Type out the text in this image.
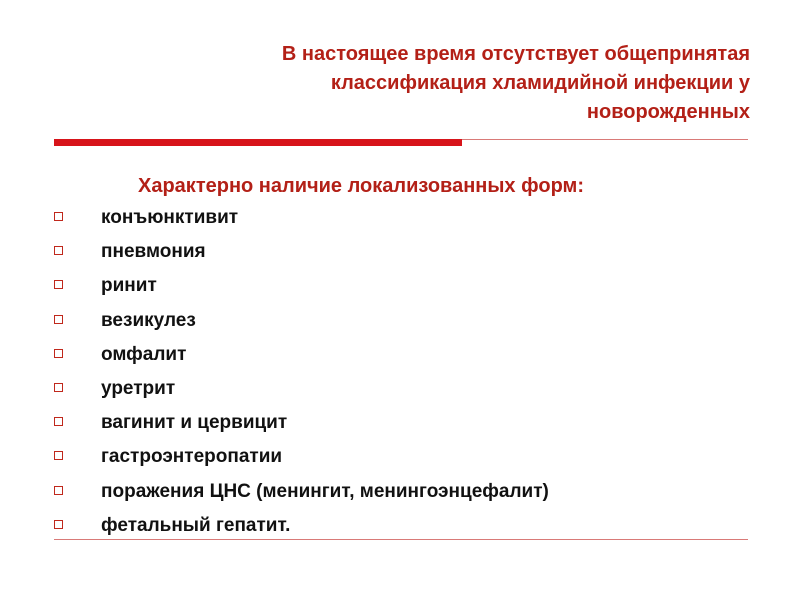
В настоящее время отсутствует общепринятая
классификация хламидийной инфекции у
новорожденных
Характерно наличие локализованных форм:
конъюнктивит
пневмония
ринит
везикулез
омфалит
уретрит
вагинит и цервицит
гастроэнтеропатии
поражения ЦНС (менингит, менингоэнцефалит)
фетальный гепатит.
